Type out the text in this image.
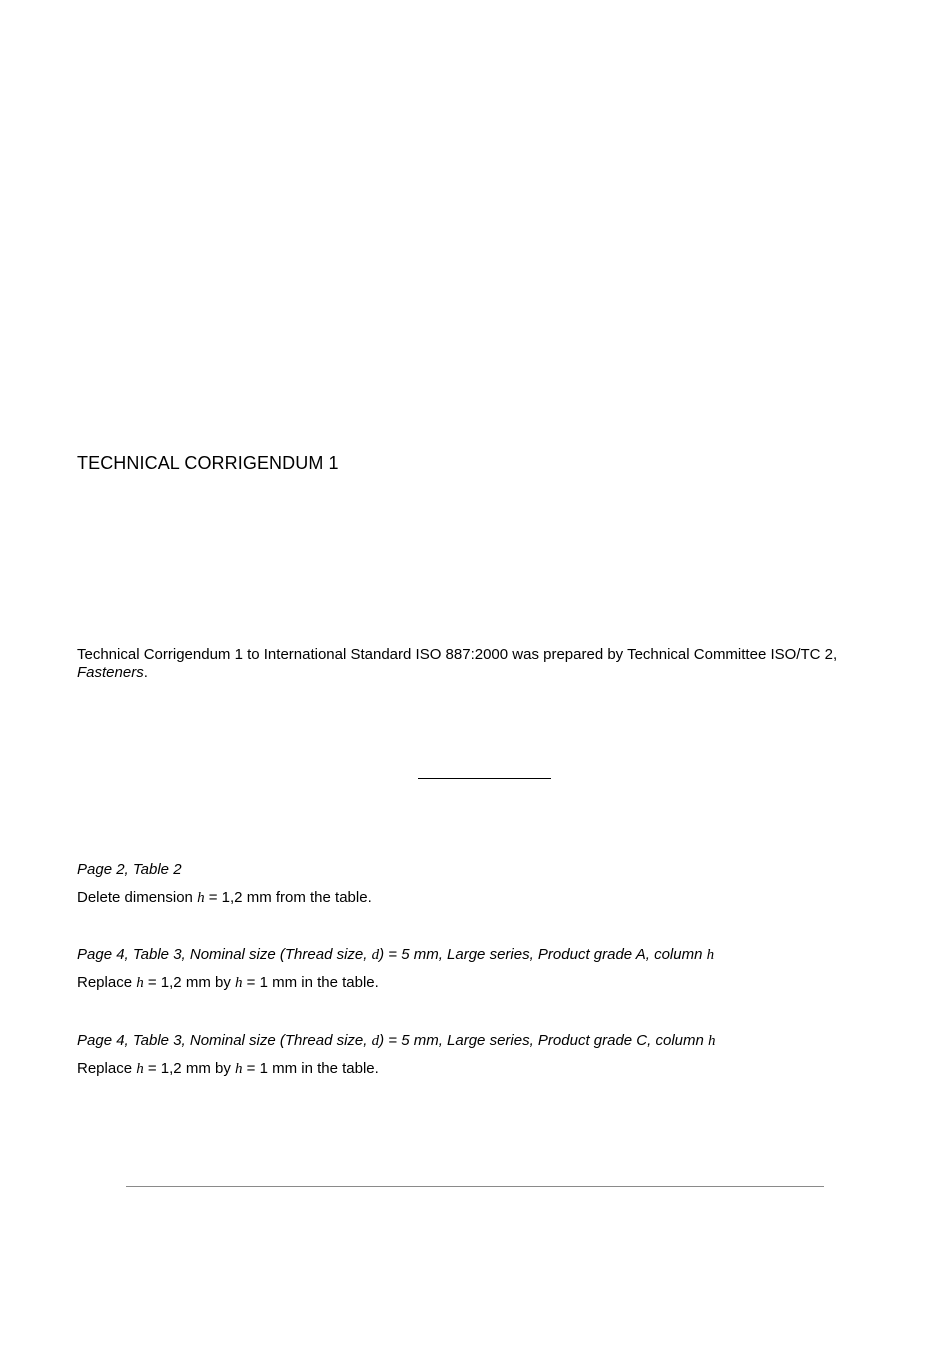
TECHNICAL CORRIGENDUM 1
Technical Corrigendum 1 to International Standard ISO 887:2000 was prepared by Technical Committee ISO/TC 2,
Fasteners.
Page 2, Table 2
Delete dimension h = 1,2 mm from the table.
Page 4, Table 3, Nominal size (Thread size, d) = 5 mm, Large series, Product grade A, column h
Replace h = 1,2 mm by h = 1 mm in the table.
Page 4, Table 3, Nominal size (Thread size, d) = 5 mm, Large series, Product grade C, column h
Replace h = 1,2 mm by h = 1 mm in the table.
